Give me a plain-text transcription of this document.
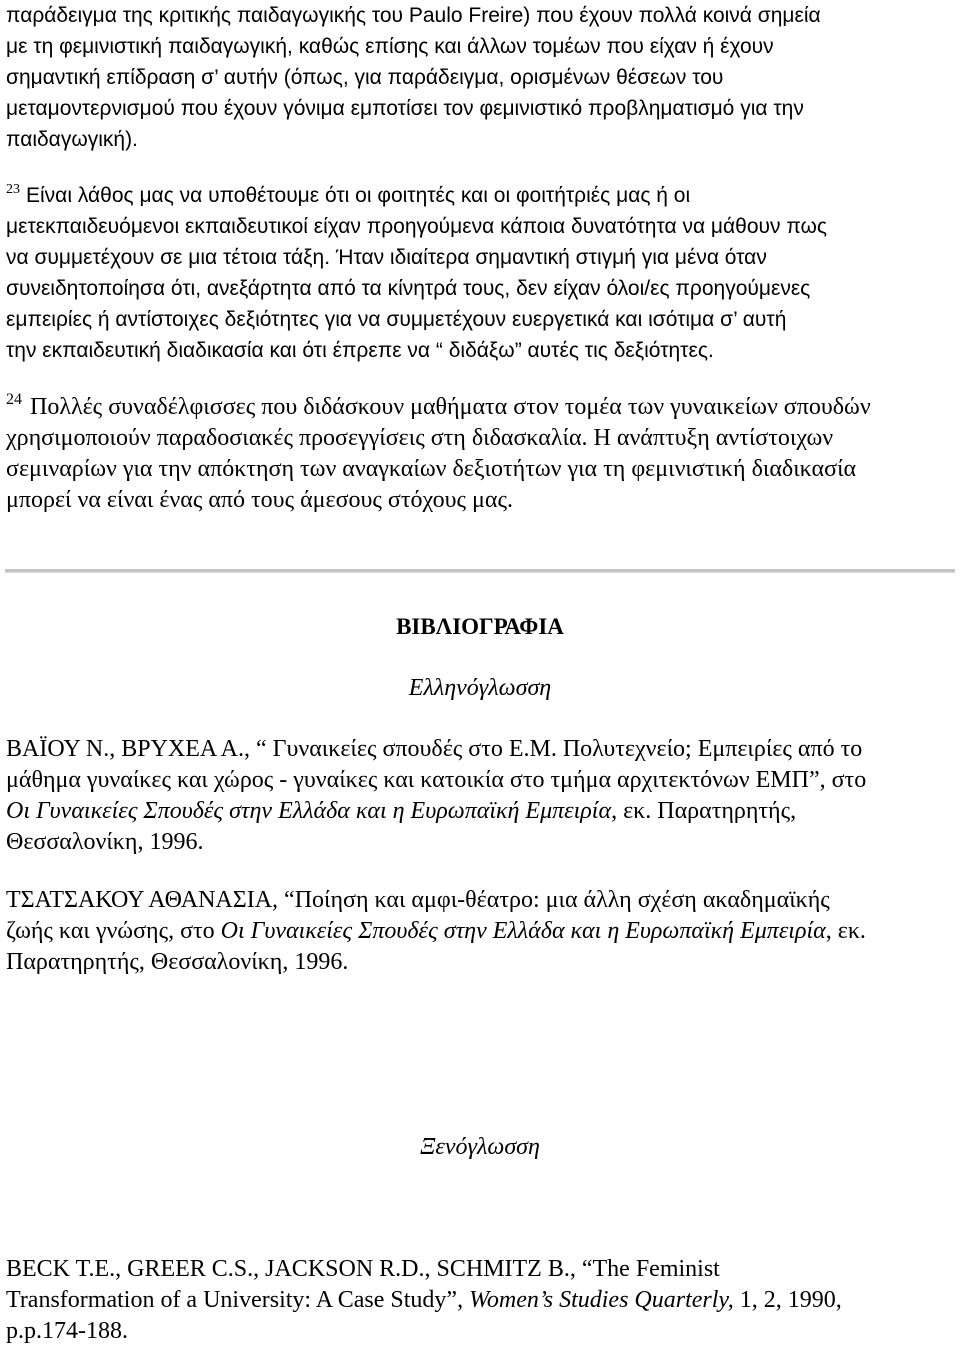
παράδειγμα της κριτικής παιδαγωγικής του Paulo Freire) που έχουν πολλά κοινά σημεία
με τη φεμινιστική παιδαγωγική, καθώς επίσης και άλλων τομέων που είχαν ή έχουν
σημαντική επίδραση σ’ αυτήν (όπως, για παράδειγμα, ορισμένων θέσεων του
μεταμοντερνισμού που έχουν γόνιμα εμποτίσει τον φεμινιστικό προβληματισμό για την
παιδαγωγική).
$^{23}$ Είναι λάθος μας να υποθέτουμε ότι οι φοιτητές και οι φοιτήτριές μας ή οι
μετεκπαιδευόμενοι εκπαιδευτικοί είχαν προηγούμενα κάποια δυνατότητα να μάθουν πως
να συμμετέχουν σε μια τέτοια τάξη. Ήταν ιδιαίτερα σημαντική στιγμή για μένα όταν
συνειδητοποίησα ότι, ανεξάρτητα από τα κίνητρά τους, δεν είχαν όλοι/ες προηγούμενες
εμπειρίες ή αντίστοιχες δεξιότητες για να συμμετέχουν ευεργετικά και ισότιμα σ’ αυτή
την εκπαιδευτική διαδικασία και ότι έπρεπε να “ διδάξω” αυτές τις δεξιότητες.
$^{24}$ Πολλές συναδέλφισσες που διδάσκουν μαθήματα στον τομέα των γυναικείων σπουδών
χρησιμοποιούν παραδοσιακές προσεγγίσεις στη διδασκαλία. Η ανάπτυξη αντίστοιχων
σεμιναρίων για την απόκτηση των αναγκαίων δεξιοτήτων για τη φεμινιστική διαδικασία
μπορεί να είναι ένας από τους άμεσους στόχους μας.
ΒΑΪΟΥ Ν., ΒΡΥΧΕΑ Α., “ Γυναικείες σπουδές στο Ε.Μ. Πολυτεχνείο; Εμπειρίες από το
μάθημα γυναίκες και χώρος - γυναίκες και κατοικία στο τμήμα αρχιτεκτόνων ΕΜΠ”, στο
Οι Γυναικείες Σπουδές στην Ελλάδα και η Ευρωπαϊκή Εμπειρία, εκ. Παρατηρητής,
Θεσσαλονίκη, 1996.
ΤΣΑΤΣΑΚΟΥ ΑΘΑΝΑΣΙΑ, “Ποίηση και αμφι-θέατρο: μια άλλη σχέση ακαδημαϊκής
ζωής και γνώσης, στο Οι Γυναικείες Σπουδές στην Ελλάδα και η Ευρωπαϊκή Εμπειρία, εκ.
Παρατηρητής, Θεσσαλονίκη, 1996.
BECK T.E., GREER C.S., JACKSON R.D., SCHMITZ B., “The Feminist
Transformation of a University: A Case Study”, Women’s Studies Quarterly, 1, 2, 1990,
p.p.174-188.
ΒΙΒΛΙΟΓΡΑΦΙΑ
Ελληνόγλωσση
Ξενόγλωσση
